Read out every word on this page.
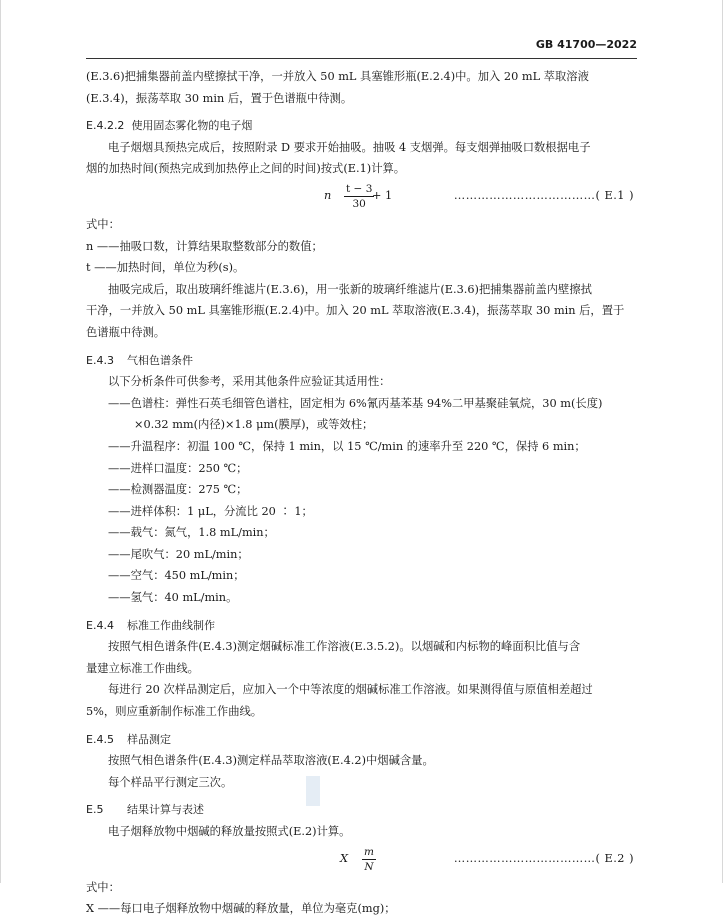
GB 41700—2022
(E.3.6)把捕集器前盖内壁擦拭干净，一并放入 50 mL 具塞锥形瓶(E.2.4)中。加入 20 mL 萃取溶液
(E.3.4)，振荡萃取 30 min 后，置于色谱瓶中待测。
E.4.2.2 使用固态雾化物的电子烟
电子烟烟具预热完成后，按照附录 D 要求开始抽吸。抽吸 4 支烟弹。每支烟弹抽吸口数根据电子
烟的加热时间(预热完成到加热停止之间的时间)按式(E.1)计算。
n $\frac{t - 3}{30}$
+ 1	………………………………( E.1 )
式中：
n ——抽吸口数，计算结果取整数部分的数值；
t ——加热时间，单位为秒(s)。
抽吸完成后，取出玻璃纤维滤片(E.3.6)，用一张新的玻璃纤维滤片(E.3.6)把捕集器前盖内壁擦拭
干净，一并放入 50 mL 具塞锥形瓶(E.2.4)中。加入 20 mL 萃取溶液(E.3.4)，振荡萃取 30 min 后，置于
色谱瓶中待测。
E.4.3 气相色谱条件
以下分析条件可供参考，采用其他条件应验证其适用性：
——色谱柱：弹性石英毛细管色谱柱，固定相为 6%氰丙基苯基 94%二甲基聚硅氧烷，30 m(长度)
×0.32 mm(内径)×1.8 μm(膜厚)，或等效柱；
——升温程序：初温 100 ℃，保持 1 min，以 15 ℃/min 的速率升至 220 ℃，保持 6 min；
——进样口温度：250 ℃；
——检测器温度：275 ℃；
——进样体积：1 μL，分流比 20 ∶ 1；
——载气：氮气，1.8 mL/min；
——尾吹气：20 mL/min；
——空气：450 mL/min；
——氢气：40 mL/min。
E.4.4 标准工作曲线制作
按照气相色谱条件(E.4.3)测定烟碱标准工作溶液(E.3.5.2)。以烟碱和内标物的峰面积比值与含
量建立标准工作曲线。
每进行 20 次样品测定后，应加入一个中等浓度的烟碱标准工作溶液。如果测得值与原值相差超过
5%，则应重新制作标准工作曲线。
E.4.5 样品测定
按照气相色谱条件(E.4.3)测定样品萃取溶液(E.4.2)中烟碱含量。
每个样品平行测定三次。
E.5 结果计算与表述
电子烟释放物中烟碱的释放量按照式(E.2)计算。
X $\frac{m}{N}$	………………………………( E.2 )
式中：
X ——每口电子烟释放物中烟碱的释放量，单位为毫克(mg)；
